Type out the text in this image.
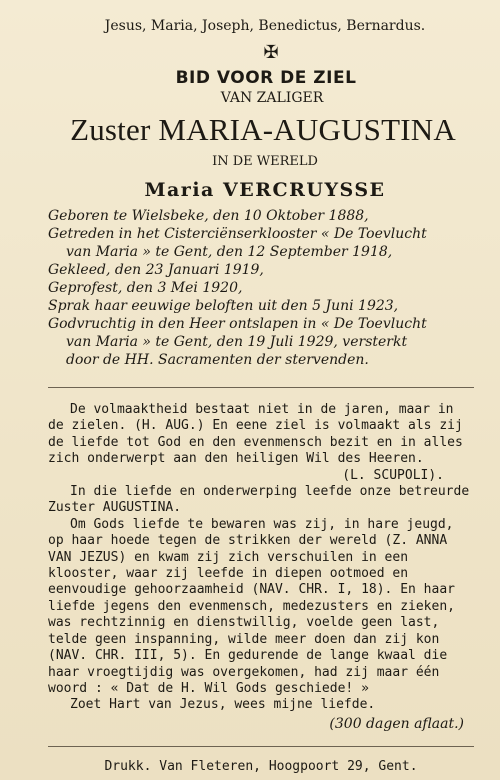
Jesus, Maria, Joseph, Benedictus, Bernardus.
✠
BID VOOR DE ZIEL
VAN ZALIGER
Zuster MARIA-AUGUSTINA
IN DE WERELD
Maria VERCRUYSSE

Geboren te Wielsbeke, den 10 Oktober 1888,

Getreden in het Cisterciënserklooster « De Toevlucht

van Maria » te Gent, den 12 September 1918,

Gekleed, den 23 Januari 1919,

Geprofest, den 3 Mei 1920,

Sprak haar eeuwige beloften uit den 5 Juni 1923,

Godvruchtig in den Heer ontslapen in « De Toevlucht

van Maria » te Gent, den 19 Juli 1929, versterkt

door de HH. Sacramenten der stervenden.

De volmaaktheid bestaat niet in de jaren, maar in de zielen. (H. AUG.) En eene ziel is volmaakt als zij de liefde tot God en den evenmensch bezit en in alles zich onderwerpt aan den heiligen Wil des Heeren.

(L. SCUPOLI).

In die liefde en onderwerping leefde onze betreurde Zuster AUGUSTINA.

Om Gods liefde te bewaren was zij, in hare jeugd, op haar hoede tegen de strikken der wereld (Z. ANNA VAN JEZUS) en kwam zij zich verschuilen in een klooster, waar zij leefde in diepen ootmoed en eenvoudige gehoorzaamheid (NAV. CHR. I, 18). En haar liefde jegens den evenmensch, medezusters en zieken, was rechtzinnig en dienstwillig, voelde geen last, telde geen inspanning, wilde meer doen dan zij kon (NAV. CHR. III, 5). En gedurende de lange kwaal die haar vroegtijdig was overgekomen, had zij maar één woord : « Dat de H. Wil Gods geschiede! »

Zoet Hart van Jezus, wees mijne liefde.

(300 dagen aflaat.)
Drukk. Van Fleteren, Hoogpoort 29, Gent.
